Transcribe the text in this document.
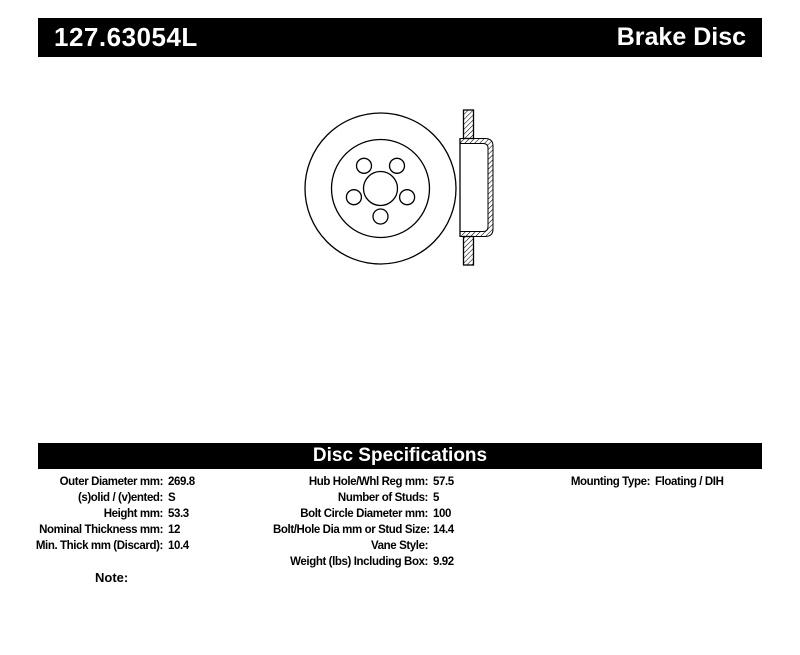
127.63054L	Brake Disc
Disc Specifications
Outer Diameter mm: 269.8
(s)olid / (v)ented: S
Height mm: 53.3
Nominal Thickness mm: 12
Min. Thick mm (Discard): 10.4
Hub Hole/Whl Reg mm: 57.5
Number of Studs: 5
Bolt Circle Diameter mm: 100
Bolt/Hole Dia mm or Stud Size: 14.4
Vane Style:
Weight (lbs) Including Box: 9.92
Mounting Type: Floating / DIH
Note:
